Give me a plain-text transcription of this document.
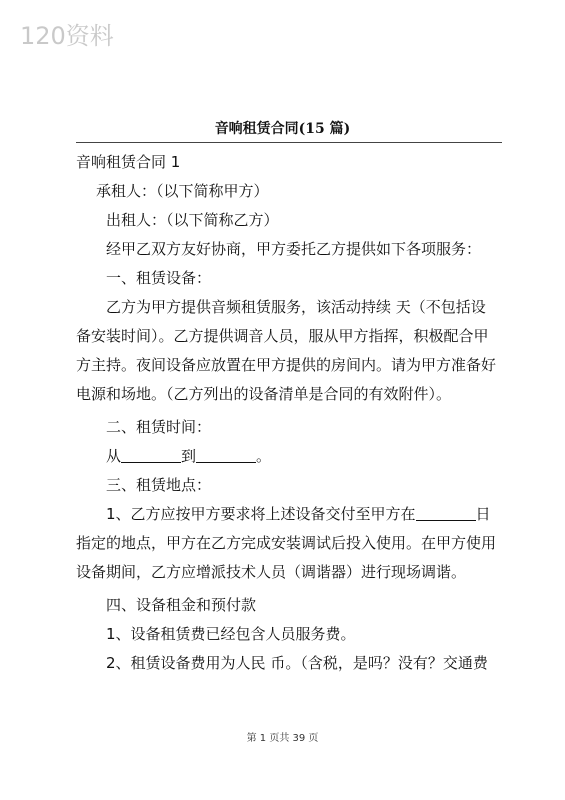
120资料
音响租赁合同(15 篇)
音响租赁合同 1
承租人：（以下简称甲方）
出租人：（以下简称乙方）
经甲乙双方友好协商，甲方委托乙方提供如下各项服务：
一、租赁设备：
乙方为甲方提供音频租赁服务，该活动持续 天（不包括设
备安装时间）。乙方提供调音人员，服从甲方指挥，积极配合甲
方主持。夜间设备应放置在甲方提供的房间内。请为甲方准备好
电源和场地。（乙方列出的设备清单是合同的有效附件）。
二、租赁时间：
从	到	。
三、租赁地点：
1、乙方应按甲方要求将上述设备交付至甲方在	日
指定的地点，甲方在乙方完成安装调试后投入使用。在甲方使用
设备期间，乙方应增派技术人员（调谐器）进行现场调谐。
四、设备租金和预付款
1、设备租赁费已经包含人员服务费。
2、租赁设备费用为人民 币。（含税，是吗？没有？交通费
第 1 页共 39 页
